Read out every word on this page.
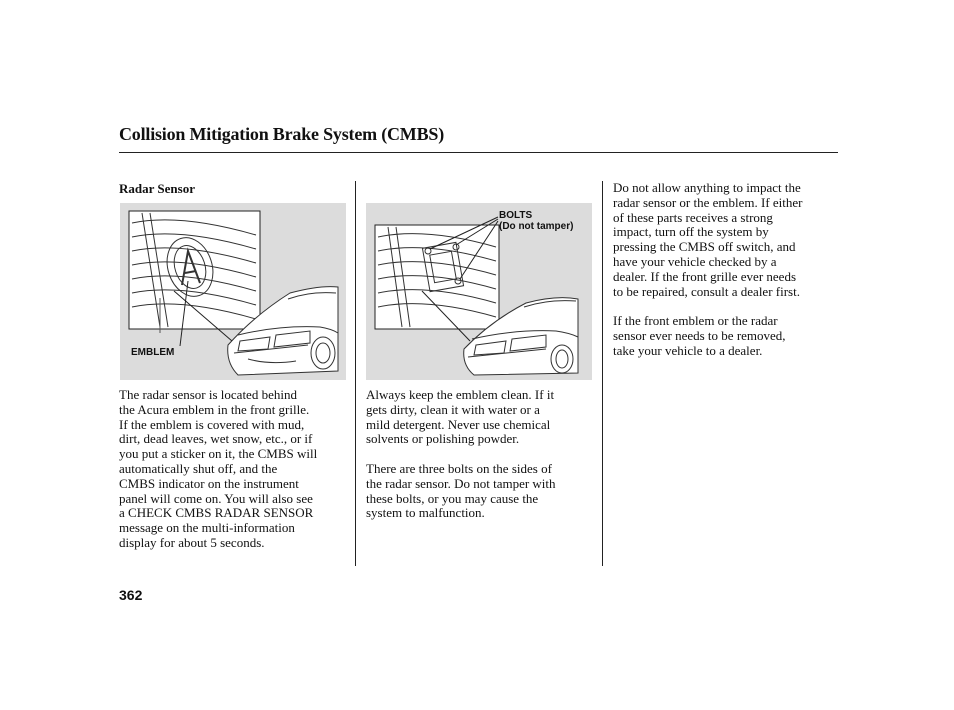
Collision Mitigation Brake System (CMBS)
Radar Sensor
EMBLEM
The radar sensor is located behind
the Acura emblem in the front grille.
If the emblem is covered with mud,
dirt, dead leaves, wet snow, etc., or if
you put a sticker on it, the CMBS will
automatically shut off, and the
CMBS indicator on the instrument
panel will come on. You will also see
a CHECK CMBS RADAR SENSOR
message on the multi-information
display for about 5 seconds.
BOLTS
(Do not tamper)
Always keep the emblem clean. If it
gets dirty, clean it with water or a
mild detergent. Never use chemical
solvents or polishing powder.
There are three bolts on the sides of
the radar sensor. Do not tamper with
these bolts, or you may cause the
system to malfunction.
Do not allow anything to impact the
radar sensor or the emblem. If either
of these parts receives a strong
impact, turn off the system by
pressing the CMBS off switch, and
have your vehicle checked by a
dealer. If the front grille ever needs
to be repaired, consult a dealer first.
If the front emblem or the radar
sensor ever needs to be removed,
take your vehicle to a dealer.
362
